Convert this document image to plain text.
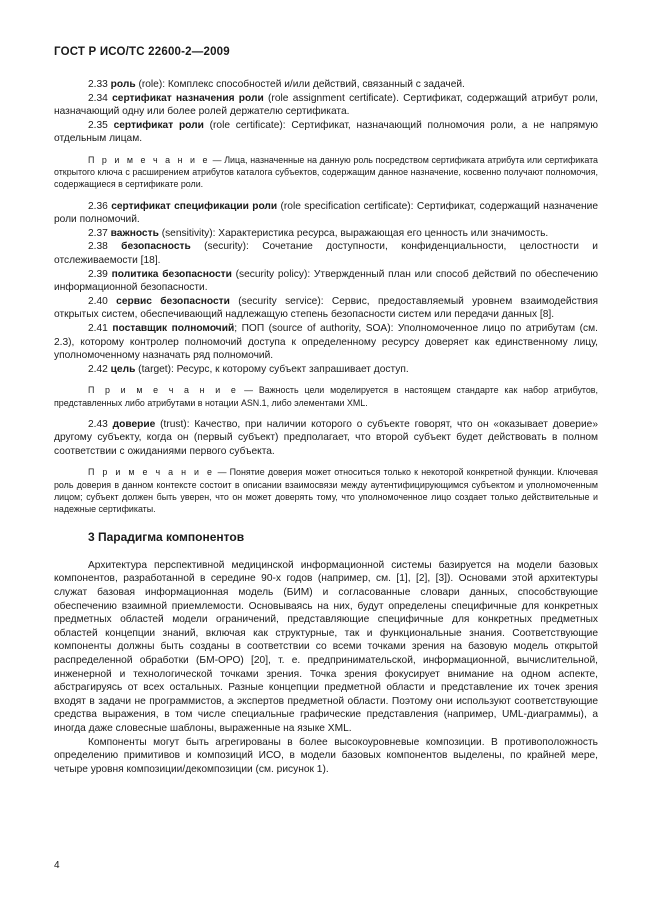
ГОСТ Р ИСО/ТС 22600-2—2009

2.33 роль (role): Комплекс способностей и/или действий, связанный с задачей.

2.34 сертификат назначения роли (role assignment certificate). Сертификат, содержащий атрибут роли, назначающий одну или более ролей держателю сертификата.

2.35 сертификат роли (role certificate): Сертификат, назначающий полномочия роли, а не напрямую отдельным лицам.

П р и м е ч а н и е — Лица, назначенные на данную роль посредством сертификата атрибута или сертификата открытого ключа с расширением атрибутов каталога субъектов, содержащим данное назначение, косвенно получают полномочия, содержащиеся в сертификате роли.

2.36 сертификат спецификации роли (role specification certificate): Сертификат, содержащий назначение роли полномочий.

2.37 важность (sensitivity): Характеристика ресурса, выражающая его ценность или значимость.

2.38 безопасность (security): Сочетание доступности, конфиденциальности, целостности и отслеживаемости [18].

2.39 политика безопасности (security policy): Утвержденный план или способ действий по обеспечению информационной безопасности.

2.40 сервис безопасности (security service): Сервис, предоставляемый уровнем взаимодействия открытых систем, обеспечивающий надлежащую степень безопасности систем или передачи данных [8].

2.41 поставщик полномочий; ПОП (source of authority, SOA): Уполномоченное лицо по атрибутам (см. 2.3), которому контролер полномочий доступа к определенному ресурсу доверяет как единственному лицу, уполномоченному назначать ряд полномочий.

2.42 цель (target): Ресурс, к которому субъект запрашивает доступ.

П р и м е ч а н и е — Важность цели моделируется в настоящем стандарте как набор атрибутов, представленных либо атрибутами в нотации ASN.1, либо элементами XML.

2.43 доверие (trust): Качество, при наличии которого о субъекте говорят, что он «оказывает доверие» другому субъекту, когда он (первый субъект) предполагает, что второй субъект будет действовать в полном соответствии с ожиданиями первого субъекта.

П р и м е ч а н и е — Понятие доверия может относиться только к некоторой конкретной функции. Ключевая роль доверия в данном контексте состоит в описании взаимосвязи между аутентифицирующимся субъектом и уполномоченным лицом; субъект должен быть уверен, что он может доверять тому, что уполномоченное лицо создает только действительные и надежные сертификаты.

3 Парадигма компонентов

Архитектура перспективной медицинской информационной системы базируется на модели базовых компонентов, разработанной в середине 90-х годов (например, см. [1], [2], [3]). Основами этой архитектуры служат базовая информационная модель (БИМ) и согласованные словари данных, способствующие обеспечению взаимной приемлемости. Основываясь на них, будут определены специфичные для конкретных предметных областей модели ограничений, представляющие специфичные для конкретных предметных областей концепции знаний, включая как структурные, так и функциональные знания. Соответствующие компоненты должны быть созданы в соответствии со всеми точками зрения на базовую модель открытой распределенной обработки (БМ-ОРО) [20], т. е. предпринимательской, информационной, вычислительной, инженерной и технологической точками зрения. Точка зрения фокусирует внимание на одном аспекте, абстрагируясь от всех остальных. Разные концепции предметной области и представление их точек зрения входят в задачи не программистов, а экспертов предметной области. Поэтому они используют соответствующие средства выражения, в том числе специальные графические представления (например, UML-диаграммы), а иногда даже словесные шаблоны, выраженные на языке XML.

Компоненты могут быть агрегированы в более высокоуровневые композиции. В противоположность определению примитивов и композиций ИСО, в модели базовых компонентов выделены, по крайней мере, четыре уровня композиции/декомпозиции (см. рисунок 1).

4
